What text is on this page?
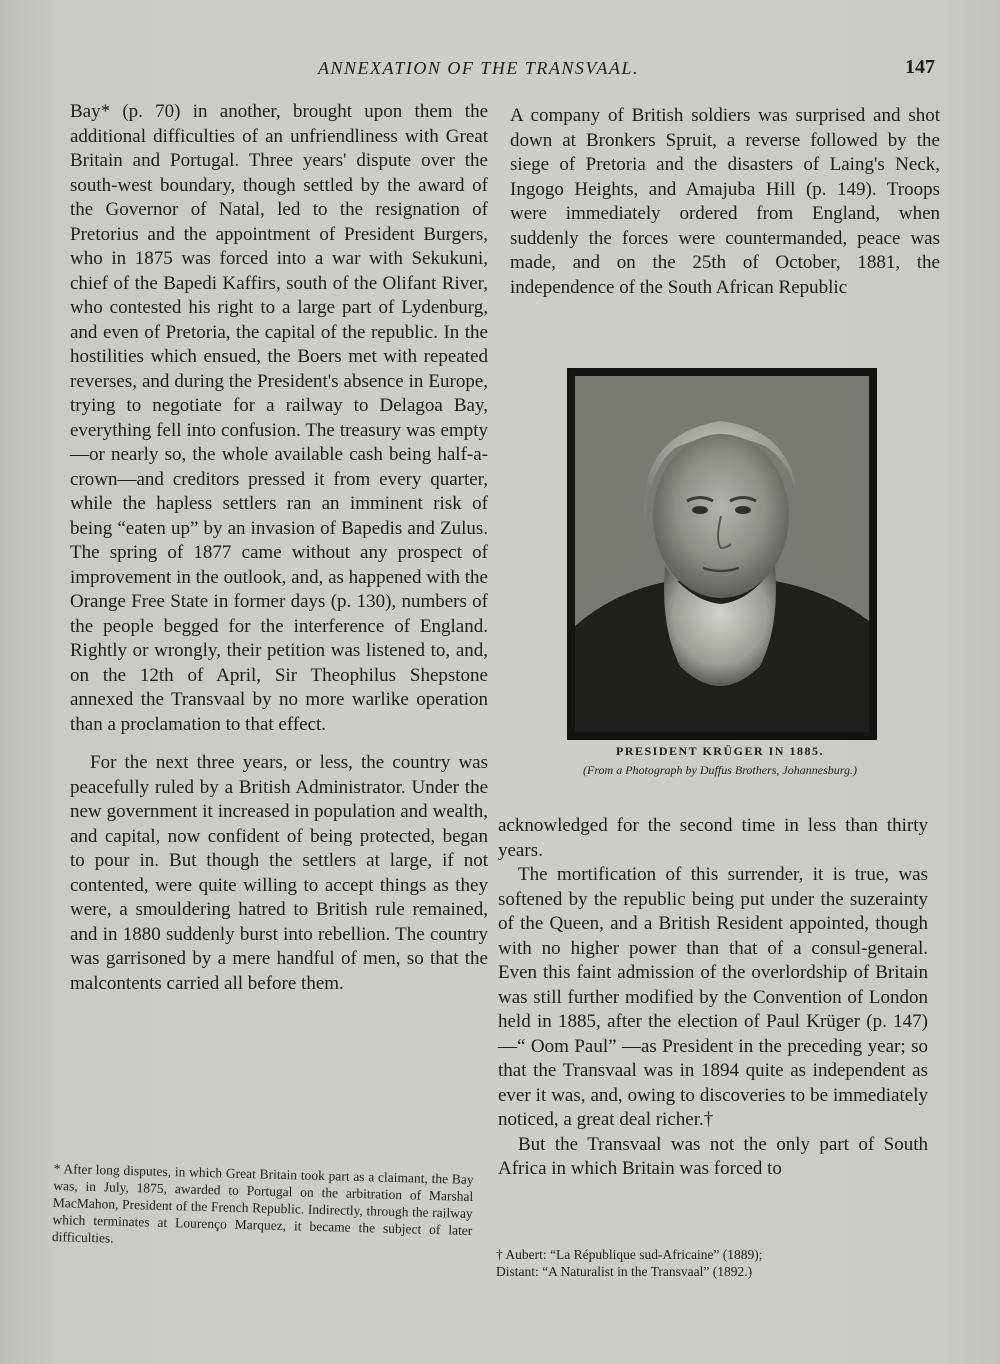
ANNEXATION OF THE TRANSVAAL.	147

Bay* (p. 70) in another, brought upon them the additional difficulties of an unfriendliness with Great Britain and Portugal. Three years' dispute over the south-west boundary, though settled by the award of the Governor of Natal, led to the resignation of Pretorius and the appointment of President Burgers, who in 1875 was forced into a war with Sekukuni, chief of the Bapedi Kaffirs, south of the Olifant River, who contested his right to a large part of Lydenburg, and even of Pretoria, the capital of the republic. In the hostilities which ensued, the Boers met with repeated reverses, and during the President's absence in Europe, trying to negotiate for a railway to Delagoa Bay, everything fell into confusion. The treasury was empty—or nearly so, the whole available cash being half-a-crown—and creditors pressed it from every quarter, while the hapless settlers ran an imminent risk of being “eaten up” by an invasion of Bapedis and Zulus. The spring of 1877 came without any prospect of improvement in the outlook, and, as happened with the Orange Free State in former days (p. 130), numbers of the people begged for the interference of England. Rightly or wrongly, their petition was listened to, and, on the 12th of April, Sir Theophilus Shepstone annexed the Transvaal by no more warlike operation than a proclamation to that effect.

For the next three years, or less, the country was peacefully ruled by a British Administrator. Under the new government it increased in population and wealth, and capital, now confident of being protected, began to pour in. But though the settlers at large, if not contented, were quite willing to accept things as they were, a smouldering hatred to British rule remained, and in 1880 suddenly burst into rebellion. The country was garrisoned by a mere handful of men, so that the malcontents carried all before them.

A company of British soldiers was surprised and shot down at Bronkers Spruit, a reverse followed by the siege of Pretoria and the disasters of Laing's Neck, Ingogo Heights, and Amajuba Hill (p. 149). Troops were immediately ordered from England, when suddenly the forces were countermanded, peace was made, and on the 25th of October, 1881, the independence of the South African Republic

PRESIDENT KRÜGER IN 1885.
(From a Photograph by Duffus Brothers, Johannesburg.)

acknowledged for the second time in less than thirty years.

The mortification of this surrender, it is true, was softened by the republic being put under the suzerainty of the Queen, and a British Resident appointed, though with no higher power than that of a consul-general. Even this faint admission of the overlordship of Britain was still further modified by the Convention of London held in 1885, after the election of Paul Krüger (p. 147)—“ Oom Paul” —as President in the preceding year; so that the Transvaal was in 1894 quite as independent as ever it was, and, owing to discoveries to be immediately noticed, a great deal richer.†

But the Transvaal was not the only part of South Africa in which Britain was forced to

* After long disputes, in which Great Britain took part as a claimant, the Bay was, in July, 1875, awarded to Portugal on the arbitration of Marshal MacMahon, President of the French Republic. Indirectly, through the railway which terminates at Lourenço Marquez, it became the subject of later difficulties.
† Aubert: “La République sud-Africaine” (1889);
Distant: “A Naturalist in the Transvaal” (1892.)
